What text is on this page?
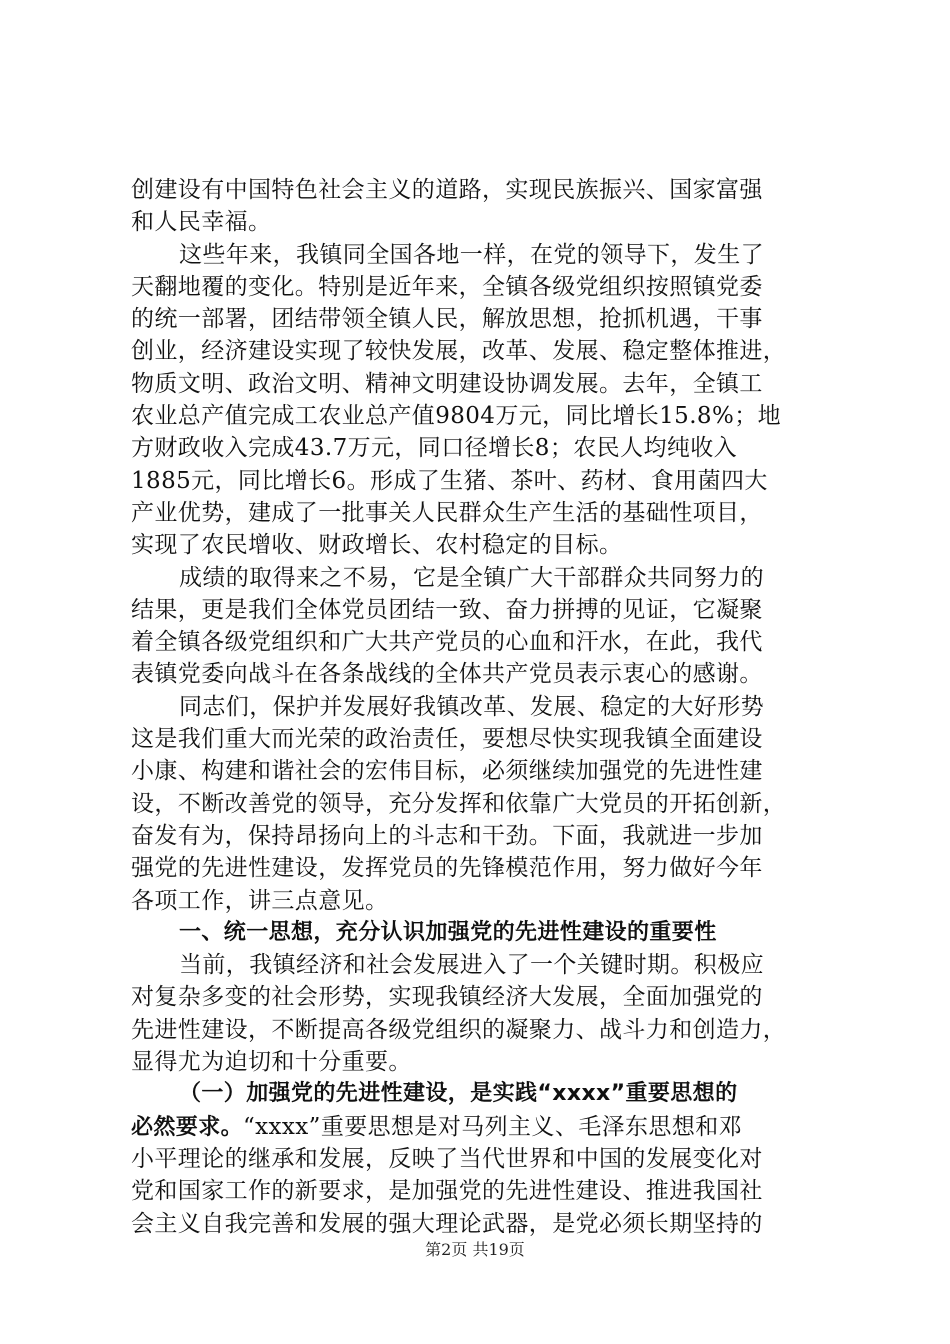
创建设有中国特色社会主义的道路，实现民族振兴、国家富强
和人民幸福。
这些年来，我镇同全国各地一样，在党的领导下，发生了
天翻地覆的变化。特别是近年来，全镇各级党组织按照镇党委
的统一部署，团结带领全镇人民，解放思想，抢抓机遇，干事
创业，经济建设实现了较快发展，改革、发展、稳定整体推进，
物质文明、政治文明、精神文明建设协调发展。去年，全镇工
农业总产值完成工农业总产值9804万元，同比增长15.8%；地
方财政收入完成43.7万元，同口径增长8；农民人均纯收入
1885元，同比增长6。形成了生猪、茶叶、药材、食用菌四大
产业优势，建成了一批事关人民群众生产生活的基础性项目，
实现了农民增收、财政增长、农村稳定的目标。
成绩的取得来之不易，它是全镇广大干部群众共同努力的
结果，更是我们全体党员团结一致、奋力拼搏的见证，它凝聚
着全镇各级党组织和广大共产党员的心血和汗水，在此，我代
表镇党委向战斗在各条战线的全体共产党员表示衷心的感谢。
同志们，保护并发展好我镇改革、发展、稳定的大好形势
这是我们重大而光荣的政治责任，要想尽快实现我镇全面建设
小康、构建和谐社会的宏伟目标，必须继续加强党的先进性建
设，不断改善党的领导，充分发挥和依靠广大党员的开拓创新，
奋发有为，保持昂扬向上的斗志和干劲。下面，我就进一步加
强党的先进性建设，发挥党员的先锋模范作用，努力做好今年
各项工作，讲三点意见。
一、统一思想，充分认识加强党的先进性建设的重要性
当前，我镇经济和社会发展进入了一个关键时期。积极应
对复杂多变的社会形势，实现我镇经济大发展，全面加强党的
先进性建设，不断提高各级党组织的凝聚力、战斗力和创造力，
显得尤为迫切和十分重要。
（一）加强党的先进性建设，是实践“xxxx”重要思想的
必然要求。“xxxx”重要思想是对马列主义、毛泽东思想和邓
小平理论的继承和发展，反映了当代世界和中国的发展变化对
党和国家工作的新要求，是加强党的先进性建设、推进我国社
会主义自我完善和发展的强大理论武器，是党必须长期坚持的
第2页 共19页
